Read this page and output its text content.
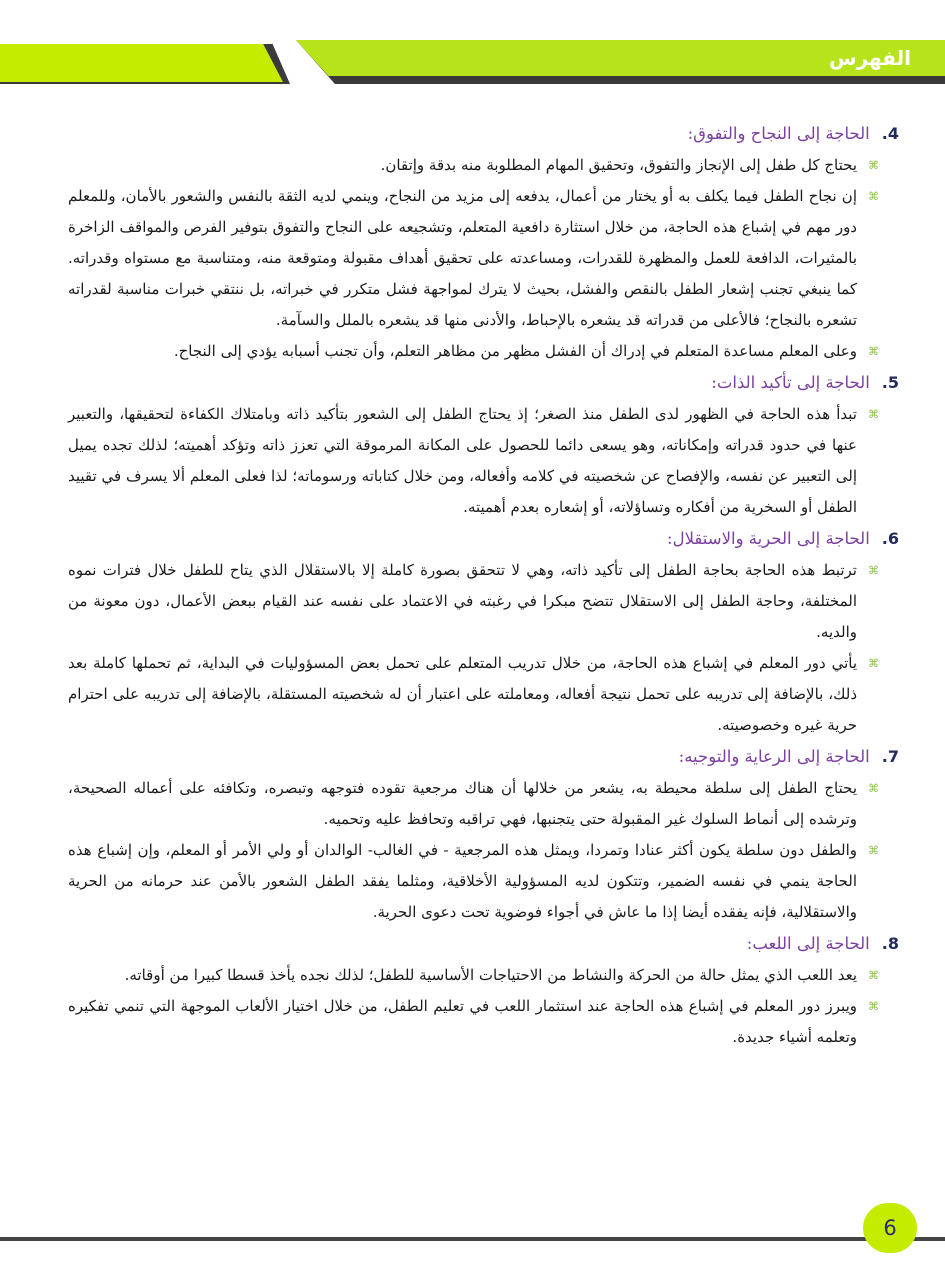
الفهرس
4.
الحاجة إلى النجاح والتفوق:

⌘
يحتاج كل طفل إلى الإنجاز والتفوق، وتحقيق المهام المطلوبة منه بدقة وإتقان.

⌘
إن نجاح الطفل فيما يكلف به أو يختار من أعمال، يدفعه إلى مزيد من النجاح، وينمي لديه الثقة بالنفس والشعور بالأمان، وللمعلم دور مهم في إشباع هذه الحاجة، من خلال استثارة دافعية المتعلم، وتشجيعه على النجاح والتفوق بتوفير الفرص والمواقف الزاخرة بالمثيرات، الدافعة للعمل والمظهرة للقدرات، ومساعدته على تحقيق أهداف مقبولة ومتوقعة منه، ومتناسبة مع مستواه وقدراته. كما ينبغي تجنب إشعار الطفل بالنقص والفشل، بحيث لا يترك لمواجهة فشل متكرر في خبراته، بل ننتقي خبرات مناسبة لقدراته تشعره بالنجاح؛ فالأعلى من قدراته قد يشعره بالإحباط، والأدنى منها قد يشعره بالملل والسآمة.

⌘
وعلى المعلم مساعدة المتعلم في إدراك أن الفشل مظهر من مظاهر التعلم، وأن تجنب أسبابه يؤدي إلى النجاح.

5.
الحاجة إلى تأكيد الذات:

⌘
تبدأ هذه الحاجة في الظهور لدى الطفل منذ الصغر؛ إذ يحتاج الطفل إلى الشعور بتأكيد ذاته وبامتلاك الكفاءة لتحقيقها، والتعبير عنها في حدود قدراته وإمكاناته، وهو يسعى دائما للحصول على المكانة المرموقة التي تعزز ذاته وتؤكد أهميته؛ لذلك تجده يميل إلى التعبير عن نفسه، والإفصاح عن شخصيته في كلامه وأفعاله، ومن خلال كتاباته ورسوماته؛ لذا فعلى المعلم ألا يسرف في تقييد الطفل أو السخرية من أفكاره وتساؤلاته، أو إشعاره بعدم أهميته.

6.
الحاجة إلى الحرية والاستقلال:

⌘
ترتبط هذه الحاجة بحاجة الطفل إلى تأكيد ذاته، وهي لا تتحقق بصورة كاملة إلا بالاستقلال الذي يتاح للطفل خلال فترات نموه المختلفة، وحاجة الطفل إلى الاستقلال تتضح مبكرا في رغبته في الاعتماد على نفسه عند القيام ببعض الأعمال، دون معونة من والديه.

⌘
يأتي دور المعلم في إشباع هذه الحاجة، من خلال تدريب المتعلم على تحمل بعض المسؤوليات في البداية، ثم تحملها كاملة بعد ذلك، بالإضافة إلى تدريبه على تحمل نتيجة أفعاله، ومعاملته على اعتبار أن له شخصيته المستقلة، بالإضافة إلى تدريبه على احترام حرية غيره وخصوصيته.

7.
الحاجة إلى الرعاية والتوجيه:

⌘
يحتاج الطفل إلى سلطة محيطة به، يشعر من خلالها أن هناك مرجعية تقوده فتوجهه وتبصره، وتكافئه على أعماله الصحيحة، وترشده إلى أنماط السلوك غير المقبولة حتى يتجنبها، فهي تراقبه وتحافظ عليه وتحميه.

⌘
والطفل دون سلطة يكون أكثر عنادا وتمردا، ويمثل هذه المرجعية - في الغالب- الوالدان أو ولي الأمر أو المعلم، وإن إشباع هذه الحاجة ينمي في نفسه الضمير، وتتكون لديه المسؤولية الأخلاقية، ومثلما يفقد الطفل الشعور بالأمن عند حرمانه من الحرية والاستقلالية، فإنه يفقده أيضا إذا ما عاش في أجواء فوضوية تحت دعوى الحرية.

8.
الحاجة إلى اللعب:

⌘
يعد اللعب الذي يمثل حالة من الحركة والنشاط من الاحتياجات الأساسية للطفل؛ لذلك نجده يأخذ قسطا كبيرا من أوقاته.

⌘
ويبرز دور المعلم في إشباع هذه الحاجة عند استثمار اللعب في تعليم الطفل، من خلال اختيار الألعاب الموجهة التي تنمي تفكيره وتعلمه أشياء جديدة.

6
